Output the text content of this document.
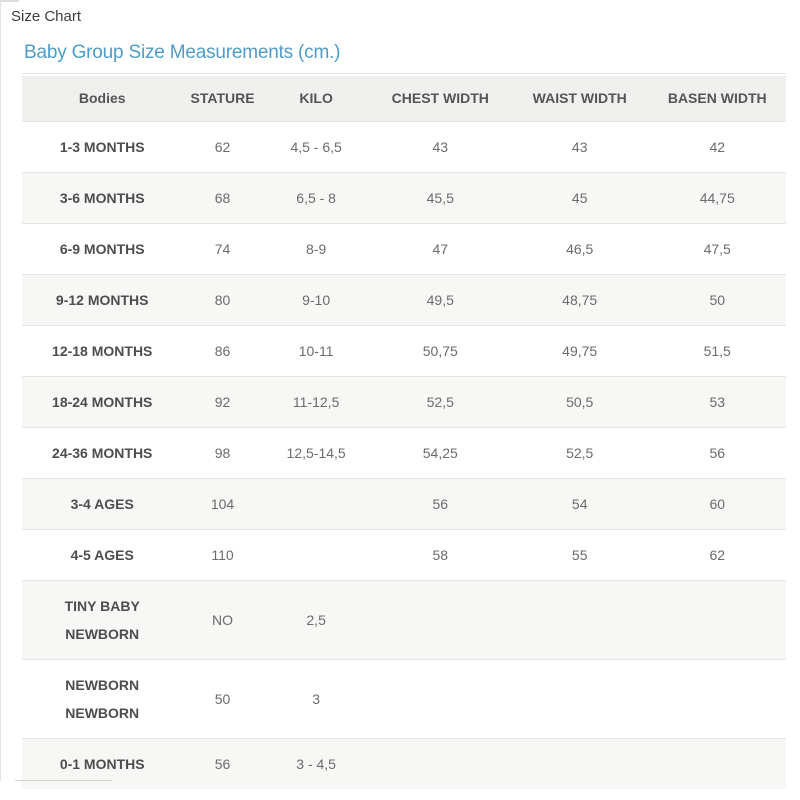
Size Chart
Baby Group Size Measurements (cm.)
Bodies	STATURE	KILO	CHEST WIDTH	WAIST WIDTH	BASEN WIDTH

1-3 MONTHS	62	4,5 - 6,5	43	43	42

3-6 MONTHS	68	6,5 - 8	45,5	45	44,75

6-9 MONTHS	74	8-9	47	46,5	47,5

9-12 MONTHS	80	9-10	49,5	48,75	50

12-18 MONTHS	86	10-11	50,75	49,75	51,5

18-24 MONTHS	92	11-12,5	52,5	50,5	53

24-36 MONTHS	98	12,5-14,5	54,25	52,5	56

3-4 AGES	104		56	54	60

4-5 AGES	110		58	55	62

TINY BABY
NEWBORN	NO	2,5			

NEWBORN
NEWBORN	50	3			

0-1 MONTHS	56	3 - 4,5			
